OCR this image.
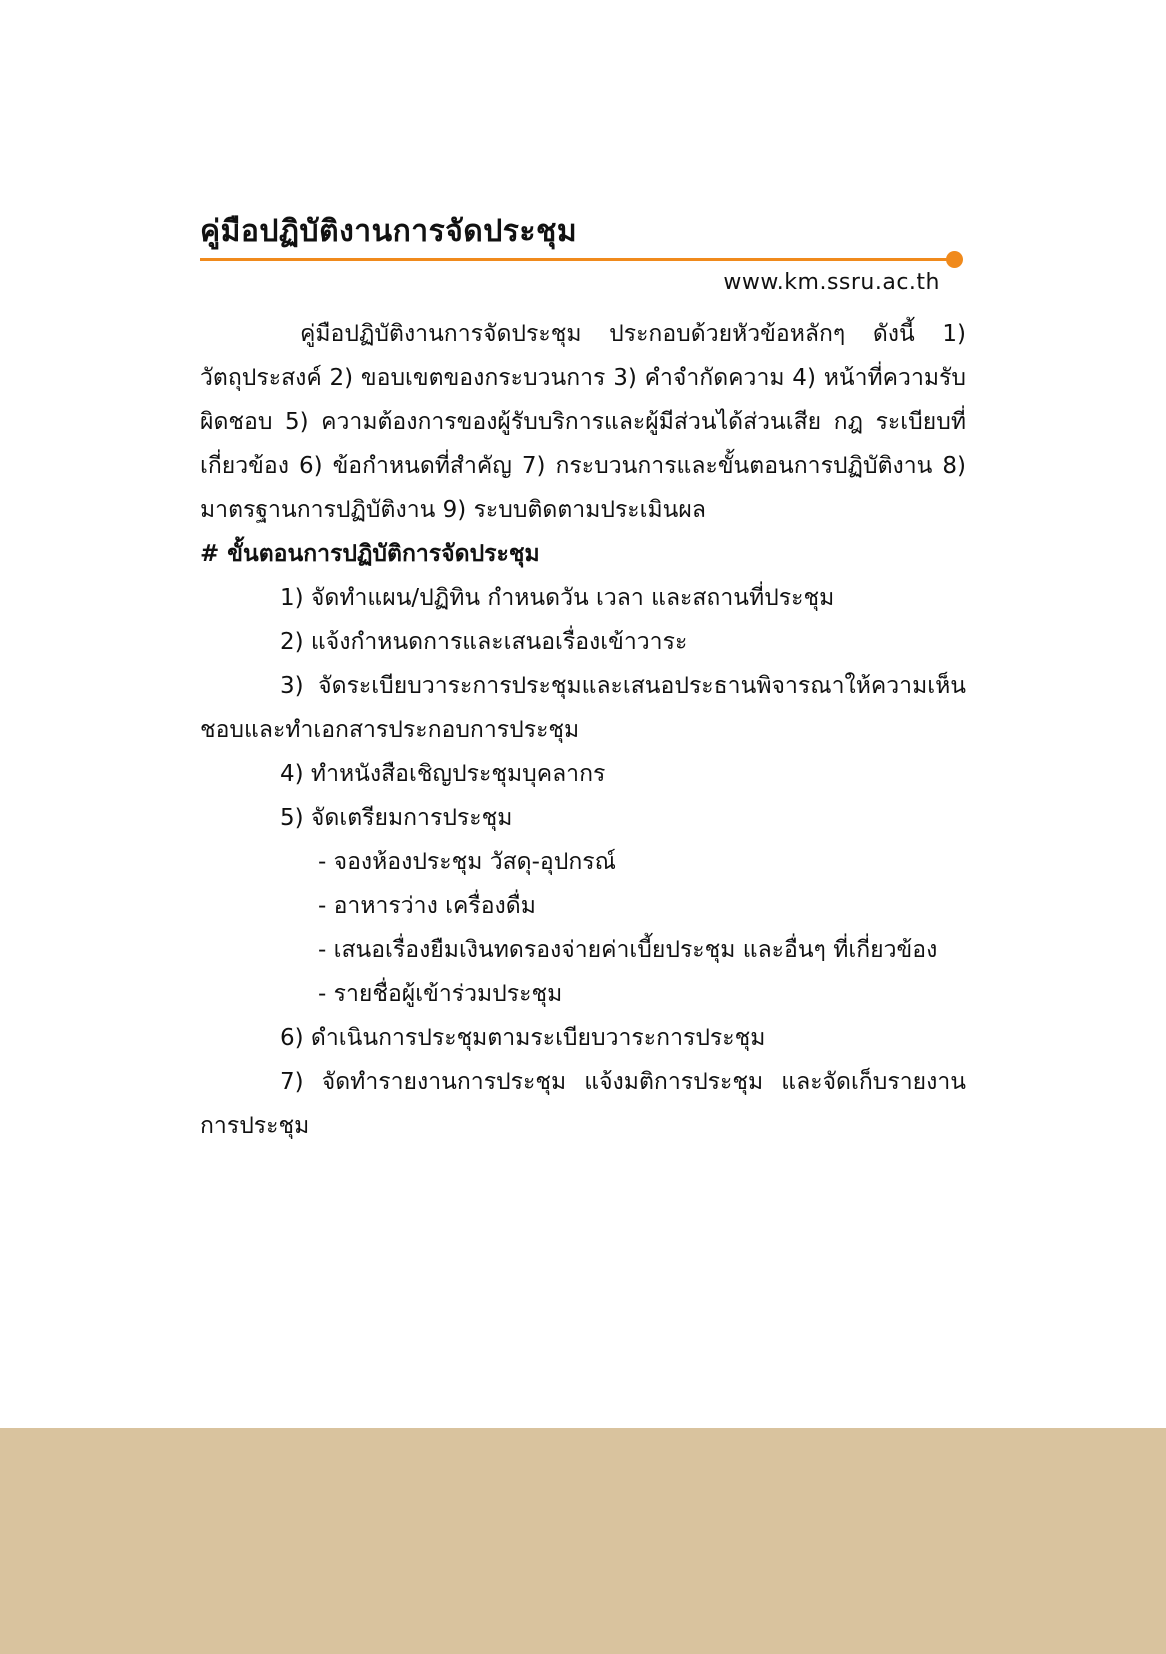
คู่มือปฏิบัติงานการจัดประชุม
www.km.ssru.ac.th

คู่มือปฏิบัติงานการจัดประชุม ประกอบด้วยหัวข้อหลักๆ ดังนี้ 1) วัตถุประสงค์ 2) ขอบเขตของกระบวนการ 3) คำจำกัดความ 4) หน้าที่ความรับผิดชอบ 5) ความต้องการของผู้รับบริการและผู้มีส่วนได้ส่วนเสีย กฎ ระเบียบที่เกี่ยวข้อง 6) ข้อกำหนดที่สำคัญ 7) กระบวนการและขั้นตอนการปฏิบัติงาน 8) มาตรฐานการปฏิบัติงาน 9) ระบบติดตามประเมินผล

# ขั้นตอนการปฏิบัติการจัดประชุม

1) จัดทำแผน/ปฏิทิน กำหนดวัน เวลา และสถานที่ประชุม

2) แจ้งกำหนดการและเสนอเรื่องเข้าวาระ

3) จัดระเบียบวาระการประชุมและเสนอประธานพิจารณาให้ความเห็นชอบและทำเอกสารประกอบการประชุม

4) ทำหนังสือเชิญประชุมบุคลากร

5) จัดเตรียมการประชุม

- จองห้องประชุม วัสดุ-อุปกรณ์

- อาหารว่าง เครื่องดื่ม

- เสนอเรื่องยืมเงินทดรองจ่ายค่าเบี้ยประชุม และอื่นๆ ที่เกี่ยวข้อง

- รายชื่อผู้เข้าร่วมประชุม

6) ดำเนินการประชุมตามระเบียบวาระการประชุม

7) จัดทำรายงานการประชุม แจ้งมติการประชุม และจัดเก็บรายงานการประชุม
